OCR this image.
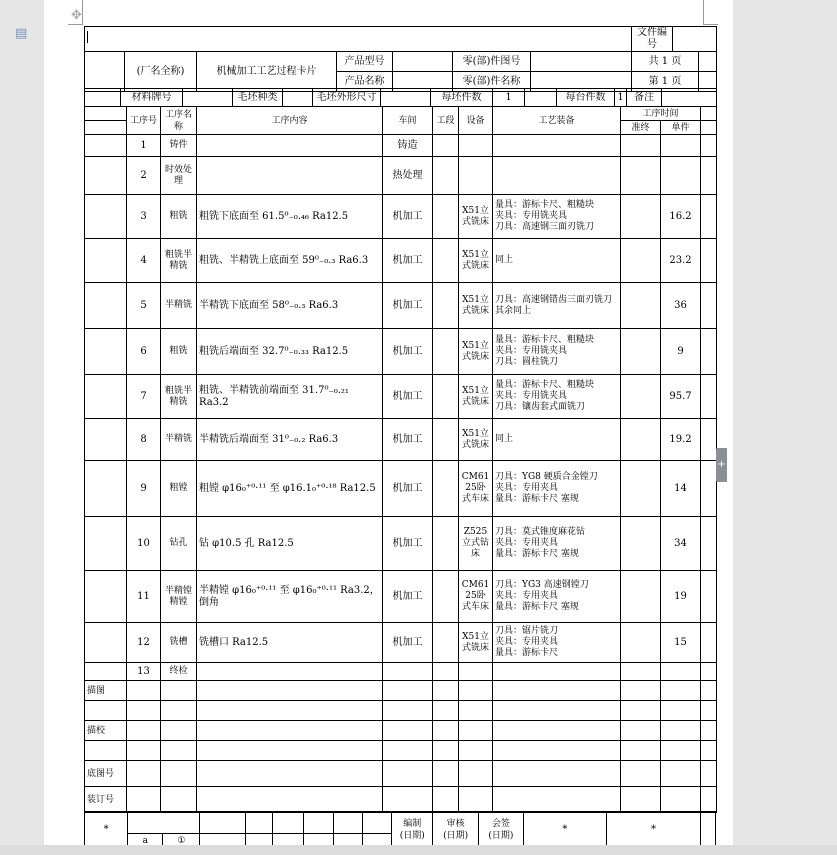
							文件编号		
	(厂名全称)	机械加工工艺过程卡片	产品型号		零(部)件图号		共 1 页		
			产品名称		零(部)件名称		第 1 页		
	材料牌号		毛坯种类		毛坯外形尺寸		每坯件数	1		每台件数	1	备注	
	工序号	工序名称	工序内容	车间	工段	设备	工艺装备	工序时间		
								准终	单件	
	1	铸件		铸造						
	2	时效处理		热处理						
	3	粗铣	粗铣下底面至 61.5⁰₋₀.₄₆ Ra12.5	机加工		X51立式铣床	量具：游标卡尺、粗糙块
夹具：专用铣夹具
刀具：高速钢三面刃铣刀		16.2	
	4	粗铣半精铣	粗铣、半精铣上底面至 59⁰₋₀.₃ Ra6.3	机加工		X51立式铣床	同上		23.2	
	5	半精铣	半精铣下底面至 58⁰₋₀.₃ Ra6.3	机加工		X51立式铣床	刀具：高速钢错齿三面刃铣刀
其余同上		36	
	6	粗铣	粗铣后端面至 32.7⁰₋₀.₃₃ Ra12.5	机加工		X51立式铣床	量具：游标卡尺、粗糙块
夹具：专用铣夹具
刀具：圆柱铣刀		9	
	7	粗铣半精铣	粗铣、半精铣前端面至 31.7⁰₋₀.₂₁ Ra3.2	机加工		X51立式铣床	量具：游标卡尺、粗糙块
夹具：专用铣夹具
刀具：镶齿套式面铣刀		95.7	
	8	半精铣	半精铣后端面至 31⁰₋₀.₂ Ra6.3	机加工		X51立式铣床	同上		19.2	
	9	粗镗	粗镗 φ16₀⁺⁰·¹¹ 至 φ16.1₀⁺⁰·¹⁸ Ra12.5	机加工		CM6125卧式车床	刀具：YG8 硬质合金镗刀
夹具：专用夹具
量具：游标卡尺 塞规		14	
	10	钻孔	钻 φ10.5 孔 Ra12.5	机加工		Z525立式钻床	刀具：莫式锥度麻花钻
夹具：专用夹具
量具：游标卡尺 塞规		34	
	11	半精镗精镗	半精镗 φ16₀⁺⁰·¹¹ 至 φ16₀⁺⁰·¹¹ Ra3.2，倒角	机加工		CM6125卧式车床	刀具：YG3 高速钢镗刀
夹具：专用夹具
量具：游标卡尺 塞规		19	
	12	铣槽	铣槽口 Ra12.5	机加工		X51立式铣床	刀具：锯片铣刀
夹具：专用夹具
量具：游标卡尺		15	
	13	终检								
描图										

描校										

底图号										
装订号										
*									编制
(日期)	审核
(日期)	会签
(日期)	*	*	
	a	①												
✥
▤
+
